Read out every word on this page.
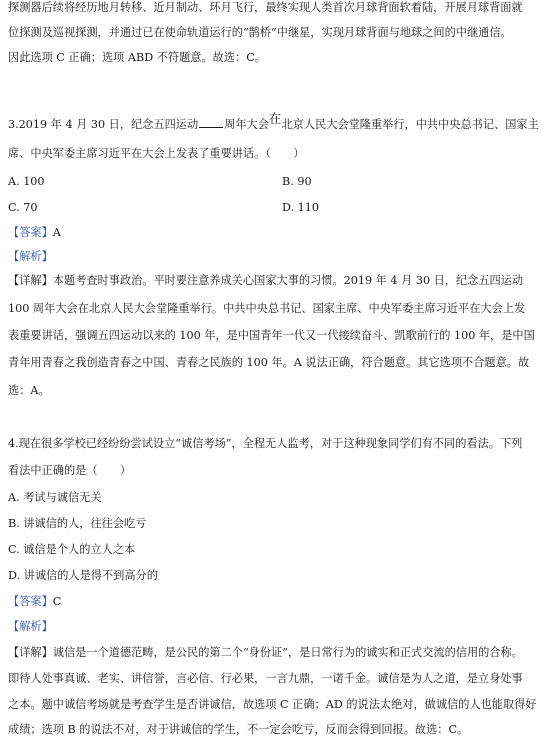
探测器后续将经历地月转移、近月制动、环月飞行，最终实现人类首次月球背面软着陆，开展月球背面就
位探测及巡视探测，并通过已在使命轨道运行的“鹊桥”中继星，实现月球背面与地球之间的中继通信。
因此选项 C 正确；选项 ABD 不符题意。故选：C。
3.2019 年 4 月 30 日，纪念五四运动 周年大会在北京人民大会堂隆重举行，中共中央总书记、国家主
席、中央军委主席习近平在大会上发表了重要讲话。（　　）
A. 100	B. 90
C. 70	D. 110
【答案】A
【解析】
【详解】本题考查时事政治。平时要注意养成关心国家大事的习惯。2019 年 4 月 30 日，纪念五四运动
100 周年大会在北京人民大会堂隆重举行。中共中央总书记、国家主席、中央军委主席习近平在大会上发
表重要讲话，强调五四运动以来的 100 年，是中国青年一代又一代接续奋斗、凯歌前行的 100 年，是中国
青年用青春之我创造青春之中国、青春之民族的 100 年。A 说法正确，符合题意。其它选项不合题意。故
选：A。
4.现在很多学校已经纷纷尝试设立“诚信考场”，全程无人监考，对于这种现象同学们有不同的看法。下列
看法中正确的是（　　）
A. 考试与诚信无关
B. 讲诚信的人，往往会吃亏
C. 诚信是个人的立人之本
D. 讲诚信的人是得不到高分的
【答案】C
【解析】
【详解】诚信是一个道德范畴，是公民的第二个“身份证”，是日常行为的诚实和正式交流的信用的合称。
即待人处事真诚、老实、讲信誉，言必信、行必果，一言九鼎，一诺千金。诚信是为人之道，是立身处事
之本。题中诚信考场就是考查学生是否讲诚信，故选项 C 正确；AD 的说法太绝对，做诚信的人也能取得好
成绩；选项 B 的说法不对，对于讲诚信的学生，不一定会吃亏，反而会得到回报。故选：C。
